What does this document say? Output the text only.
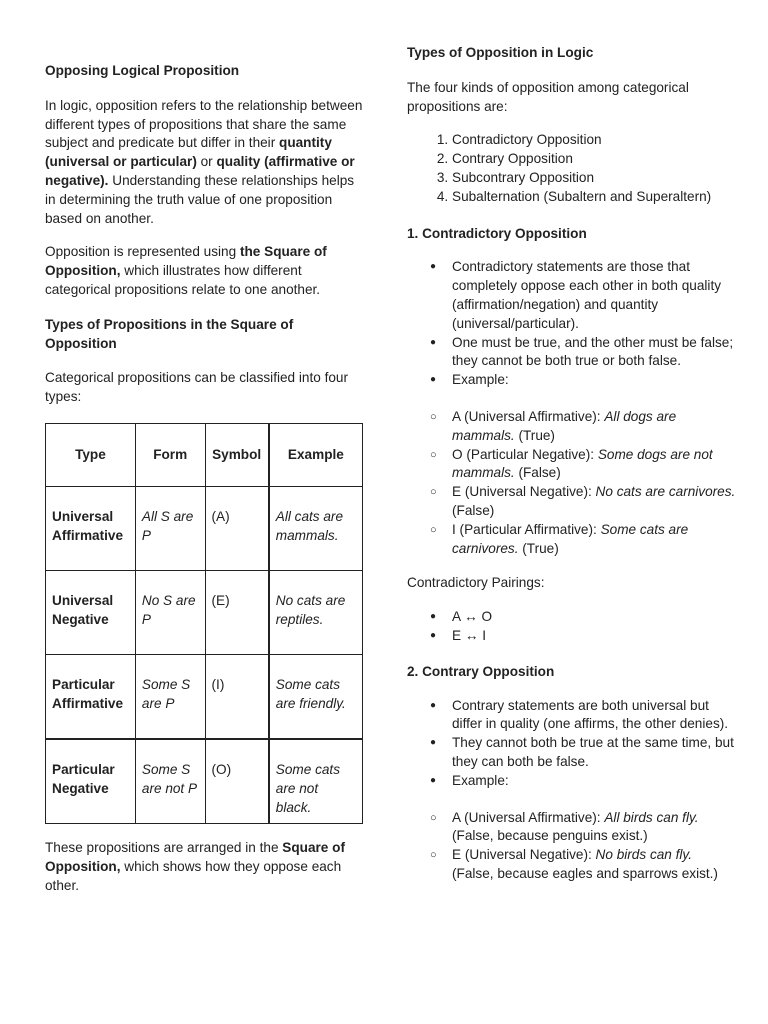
Opposing Logical Proposition

In logic, opposition refers to the relationship between different types of propositions that share the same subject and predicate but differ in their quantity (universal or particular) or quality (affirmative or negative). Understanding these relationships helps in determining the truth value of one proposition based on another.

Opposition is represented using the Square of Opposition, which illustrates how different categorical propositions relate to one another.

Types of Propositions in the Square of Opposition

Categorical propositions can be classified into four types:

Type	Form	Symbol	Example

Universal Affirmative	All S are P	(A)	All cats are mammals.

Universal Negative	No S are P	(E)	No cats are reptiles.

Particular Affirmative	Some S are P	(I)	Some cats are friendly.

Particular Negative	Some S are not P	(O)	Some cats are not black.

These propositions are arranged in the Square of Opposition, which shows how they oppose each other.

Types of Opposition in Logic

The four kinds of opposition among categorical propositions are:

1. Contradictory Opposition
2. Contrary Opposition
3. Subcontrary Opposition
4. Subalternation (Subaltern and Superaltern)

1. Contradictory Opposition

● Contradictory statements are those that completely oppose each other in both quality (affirmation/negation) and quantity (universal/particular).
● One must be true, and the other must be false; they cannot be both true or both false.
● Example:
○ A (Universal Affirmative): All dogs are mammals. (True)
○ O (Particular Negative): Some dogs are not mammals. (False)
○ E (Universal Negative): No cats are carnivores. (False)
○ I (Particular Affirmative): Some cats are carnivores. (True)

Contradictory Pairings:

● A ↔ O
● E ↔ I

2. Contrary Opposition

● Contrary statements are both universal but differ in quality (one affirms, the other denies).
● They cannot both be true at the same time, but they can both be false.
● Example:
○ A (Universal Affirmative): All birds can fly. (False, because penguins exist.)
○ E (Universal Negative): No birds can fly. (False, because eagles and sparrows exist.)
